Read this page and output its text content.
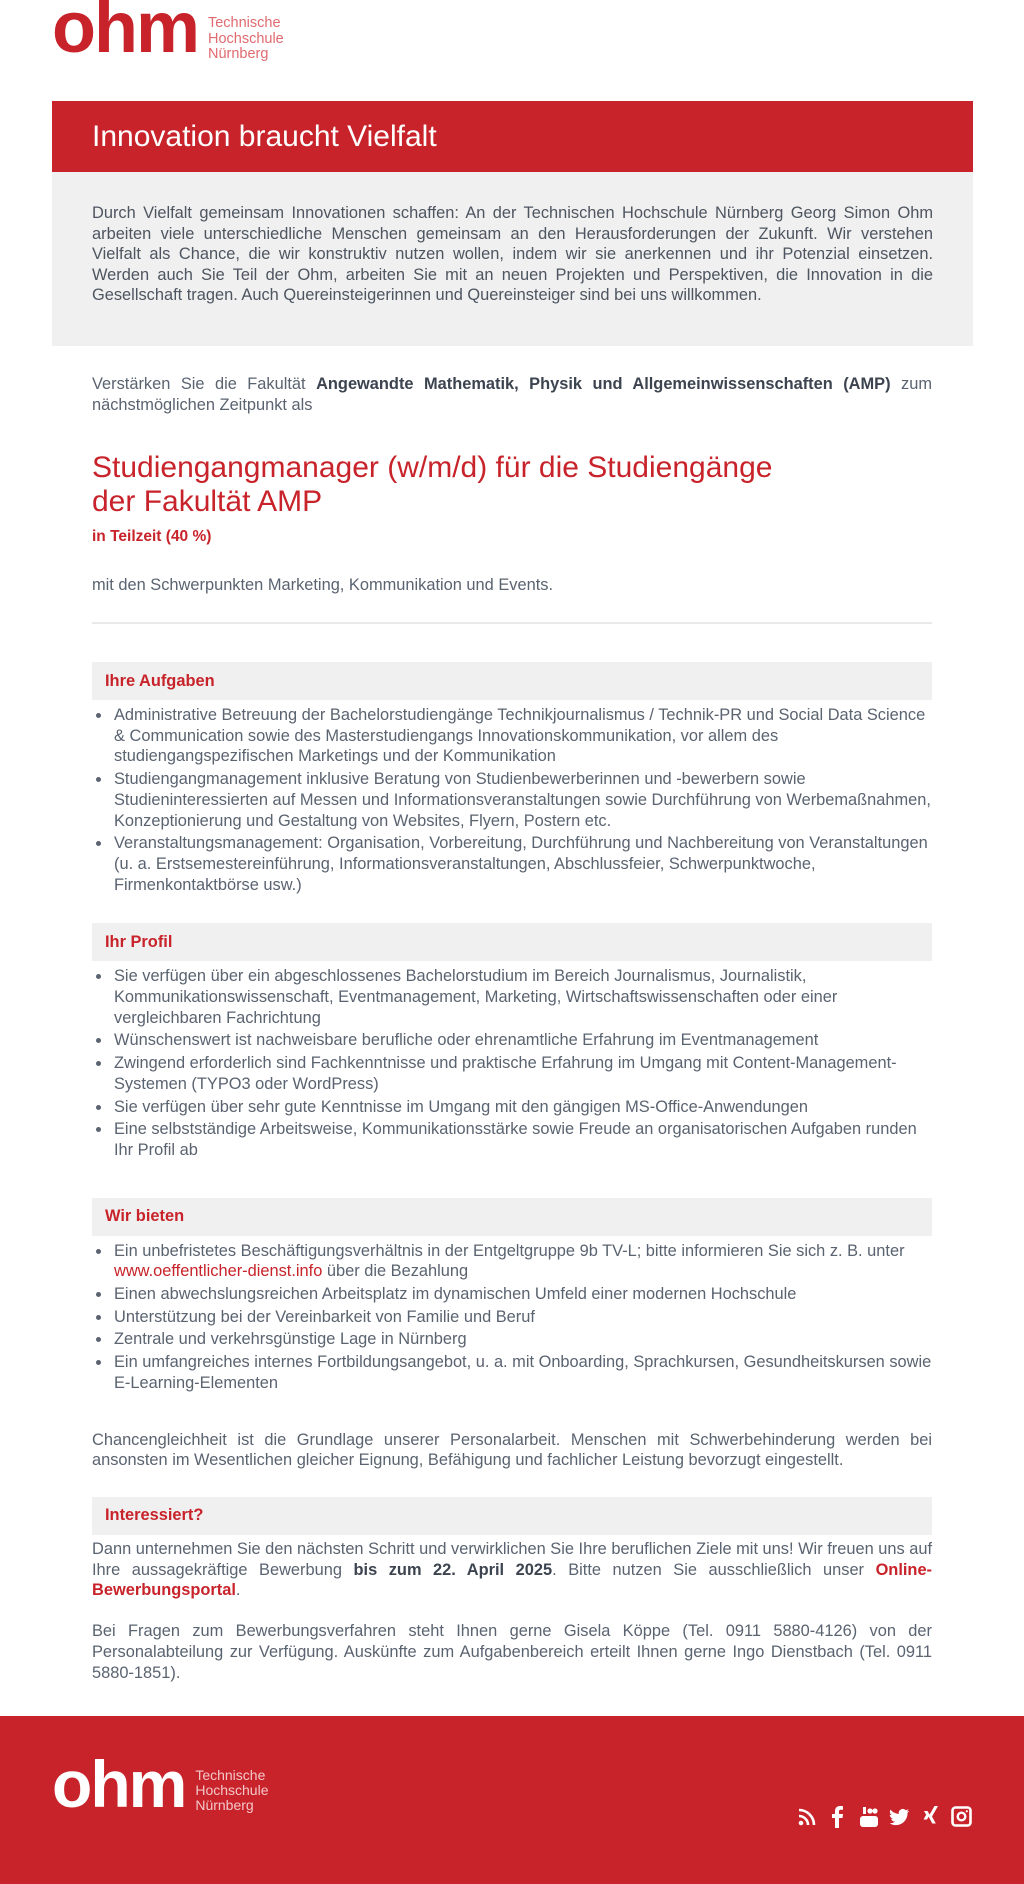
ohm Technische
Hochschule
Nürnberg
Innovation braucht Vielfalt
Durch Vielfalt gemeinsam Innovationen schaffen: An der Technischen Hochschule Nürnberg Georg Simon Ohm arbeiten viele unterschiedliche Menschen gemeinsam an den Herausforderungen der Zukunft. Wir verstehen Vielfalt als Chance, die wir konstruktiv nutzen wollen, indem wir sie anerkennen und ihr Potenzial einsetzen. Werden auch Sie Teil der Ohm, arbeiten Sie mit an neuen Projekten und Perspektiven, die Innovation in die Gesellschaft tragen. Auch Quereinsteigerinnen und Quereinsteiger sind bei uns willkommen.

Verstärken Sie die Fakultät Angewandte Mathematik, Physik und Allgemeinwissenschaften (AMP) zum nächstmöglichen Zeitpunkt als

Studiengangmanager (w/m/d) für die Studiengänge
der Fakultät AMP
in Teilzeit (40 %)

mit den Schwerpunkten Marketing, Kommunikation und Events.

Ihre Aufgaben
Administrative Betreuung der Bachelorstudiengänge Technikjournalismus / Technik-PR und Social Data Science & Communication sowie des Masterstudiengangs Innovationskommunikation, vor allem des studiengangspezifischen Marketings und der Kommunikation
Studiengangmanagement inklusive Beratung von Studienbewerberinnen und -bewerbern sowie Studieninteressierten auf Messen und Informationsveranstaltungen sowie Durchführung von Werbemaßnahmen, Konzeptionierung und Gestaltung von Websites, Flyern, Postern etc.
Veranstaltungsmanagement: Organisation, Vorbereitung, Durchführung und Nachbereitung von Veranstaltungen (u. a. Erstsemestereinführung, Informationsveranstaltungen, Abschlussfeier, Schwerpunktwoche, Firmenkontaktbörse usw.)
Ihr Profil
Sie verfügen über ein abgeschlossenes Bachelorstudium im Bereich Journalismus, Journalistik, Kommunikationswissenschaft, Eventmanagement, Marketing, Wirtschaftswissenschaften oder einer vergleichbaren Fachrichtung
Wünschenswert ist nachweisbare berufliche oder ehrenamtliche Erfahrung im Eventmanagement
Zwingend erforderlich sind Fachkenntnisse und praktische Erfahrung im Umgang mit Content-Management-Systemen (TYPO3 oder WordPress)
Sie verfügen über sehr gute Kenntnisse im Umgang mit den gängigen MS-Office-Anwendungen
Eine selbstständige Arbeitsweise, Kommunikationsstärke sowie Freude an organisatorischen Aufgaben runden Ihr Profil ab
Wir bieten
Ein unbefristetes Beschäftigungsverhältnis in der Entgeltgruppe 9b TV-L; bitte informieren Sie sich z. B. unter www.oeffentlicher-dienst.info über die Bezahlung
Einen abwechslungsreichen Arbeitsplatz im dynamischen Umfeld einer modernen Hochschule
Unterstützung bei der Vereinbarkeit von Familie und Beruf
Zentrale und verkehrsgünstige Lage in Nürnberg
Ein umfangreiches internes Fortbildungsangebot, u. a. mit Onboarding, Sprachkursen, Gesundheitskursen sowie E-Learning-Elementen

Chancengleichheit ist die Grundlage unserer Personalarbeit. Menschen mit Schwerbehinderung werden bei ansonsten im Wesentlichen gleicher Eignung, Befähigung und fachlicher Leistung bevorzugt eingestellt.

Interessiert?

Dann unternehmen Sie den nächsten Schritt und verwirklichen Sie Ihre beruflichen Ziele mit uns! Wir freuen uns auf Ihre aussagekräftige Bewerbung bis zum 22. April 2025. Bitte nutzen Sie ausschließlich unser Online-Bewerbungsportal.

Bei Fragen zum Bewerbungsverfahren steht Ihnen gerne Gisela Köppe (Tel. 0911 5880-4126) von der Personalabteilung zur Verfügung. Auskünfte zum Aufgabenbereich erteilt Ihnen gerne Ingo Dienstbach (Tel. 0911 5880-1851).

ohm Technische
Hochschule
Nürnberg
